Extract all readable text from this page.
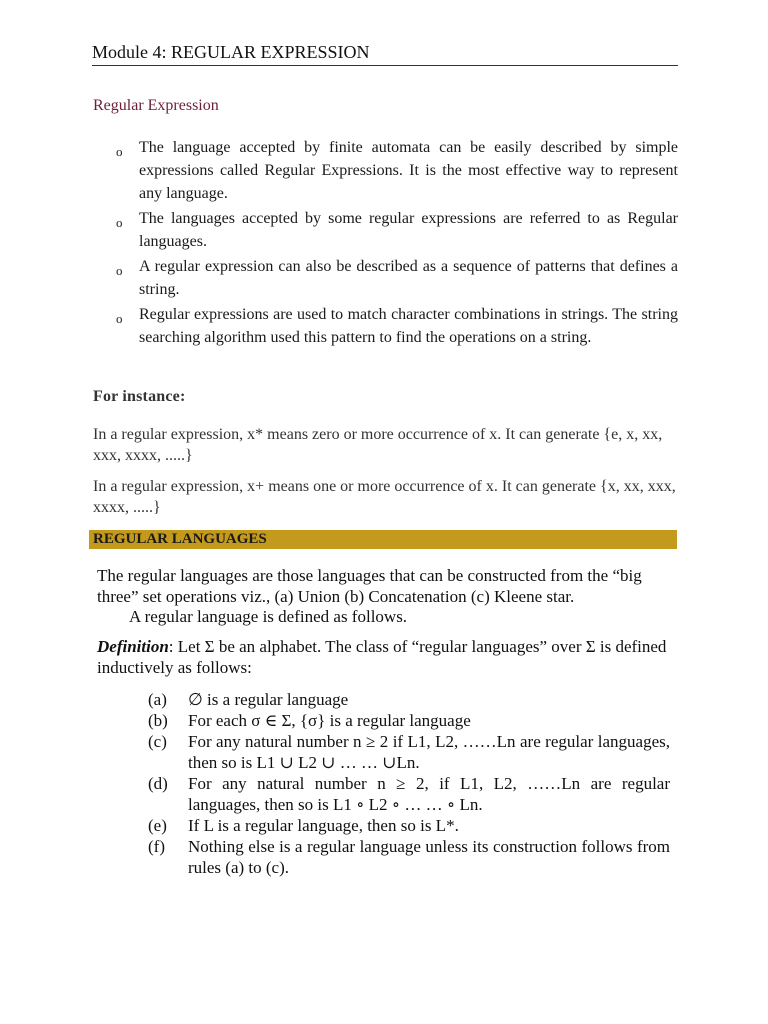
Module 4: REGULAR EXPRESSION
Regular Expression
o The language accepted by finite automata can be easily described by simple expressions called Regular Expressions. It is the most effective way to represent any language.
o The languages accepted by some regular expressions are referred to as Regular languages.
o A regular expression can also be described as a sequence of patterns that defines a string.
o Regular expressions are used to match character combinations in strings. The string searching algorithm used this pattern to find the operations on a string.
For instance:
In a regular expression, x* means zero or more occurrence of x. It can generate {e, x, xx, xxx, xxxx, .....}
In a regular expression, x+ means one or more occurrence of x. It can generate {x, xx, xxx, xxxx, .....}
REGULAR LANGUAGES
The regular languages are those languages that can be constructed from the “big three” set operations viz., (a) Union (b) Concatenation (c) Kleene star.
A regular language is defined as follows.
Definition: Let Σ be an alphabet. The class of “regular languages” over Σ is defined inductively as follows:
(a) ∅ is a regular language
(b) For each σ ∈ Σ, {σ} is a regular language
(c) For any natural number n ≥ 2 if L1, L2, ……Ln are regular languages, then so is L1 ∪ L2 ∪ … … ∪Ln.
(d) For any natural number n ≥ 2, if L1, L2, ……Ln are regular languages, then so is L1 ∘ L2 ∘ … … ∘ Ln.
(e) If L is a regular language, then so is L*.
(f) Nothing else is a regular language unless its construction follows from rules (a) to (c).
